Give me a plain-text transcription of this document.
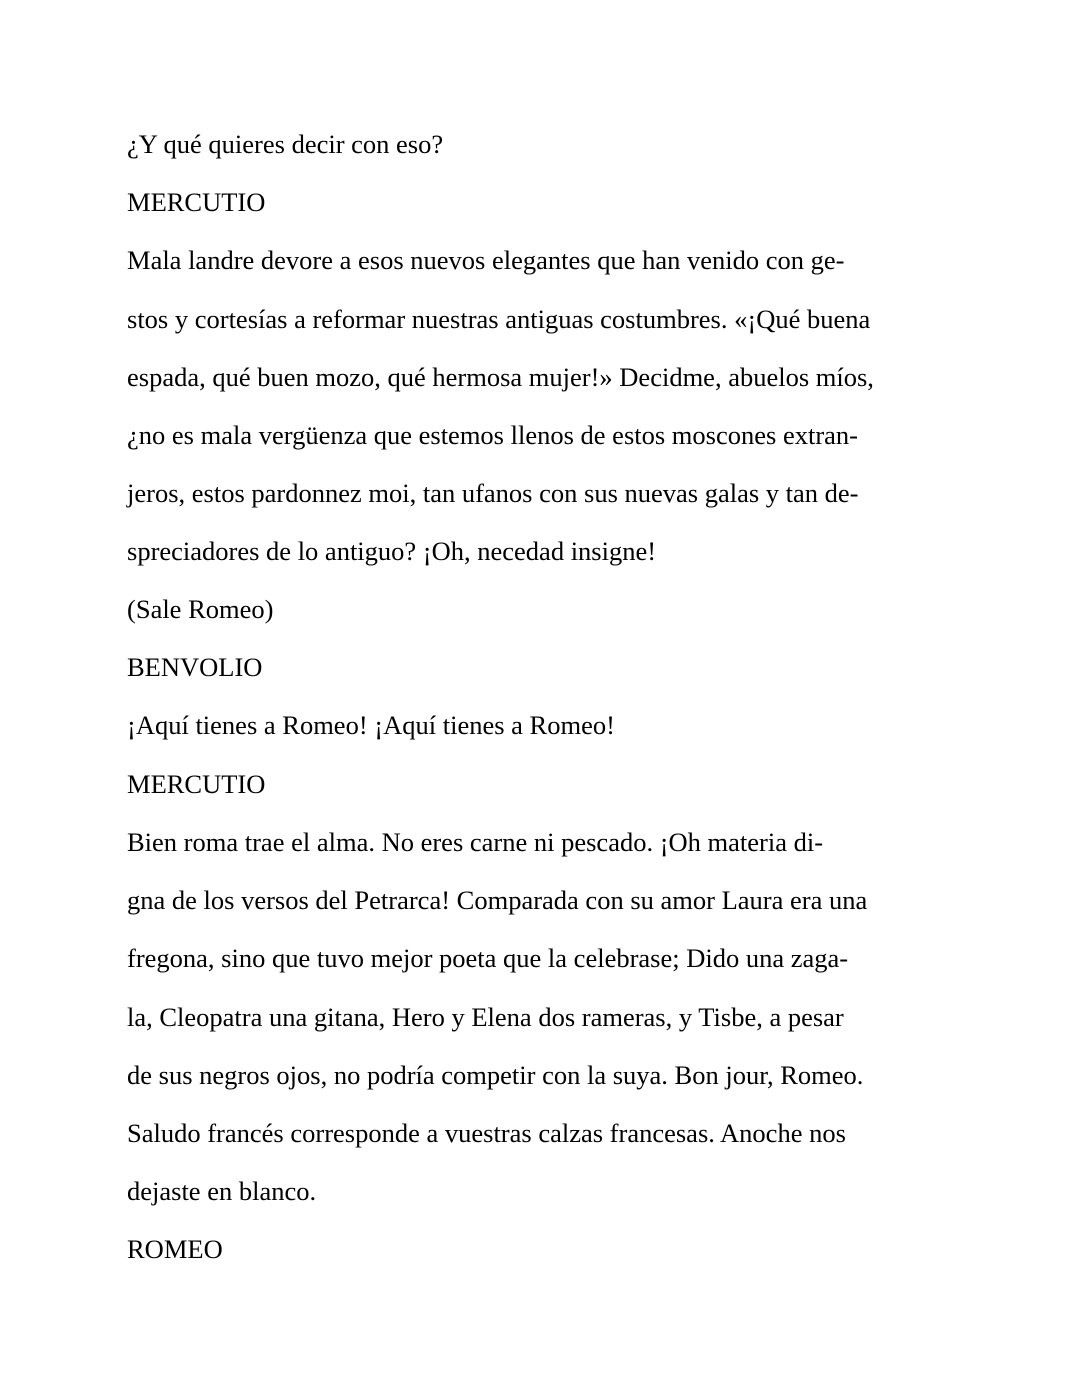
¿Y qué quieres decir con eso?

MERCUTIO

Mala landre devore a esos nuevos elegantes que han venido con ge-

stos y cortesías a reformar nuestras antiguas costumbres. «¡Qué buena

espada, qué buen mozo, qué hermosa mujer!» Decidme, abuelos míos,

¿no es mala vergüenza que estemos llenos de estos moscones extran-

jeros, estos pardonnez moi, tan ufanos con sus nuevas galas y tan de-

spreciadores de lo antiguo? ¡Oh, necedad insigne!

(Sale Romeo)

BENVOLIO

¡Aquí tienes a Romeo! ¡Aquí tienes a Romeo!

MERCUTIO

Bien roma trae el alma. No eres carne ni pescado. ¡Oh materia di-

gna de los versos del Petrarca! Comparada con su amor Laura era una

fregona, sino que tuvo mejor poeta que la celebrase; Dido una zaga-

la, Cleopatra una gitana, Hero y Elena dos rameras, y Tisbe, a pesar

de sus negros ojos, no podría competir con la suya. Bon jour, Romeo.

Saludo francés corresponde a vuestras calzas francesas. Anoche nos

dejaste en blanco.

ROMEO
